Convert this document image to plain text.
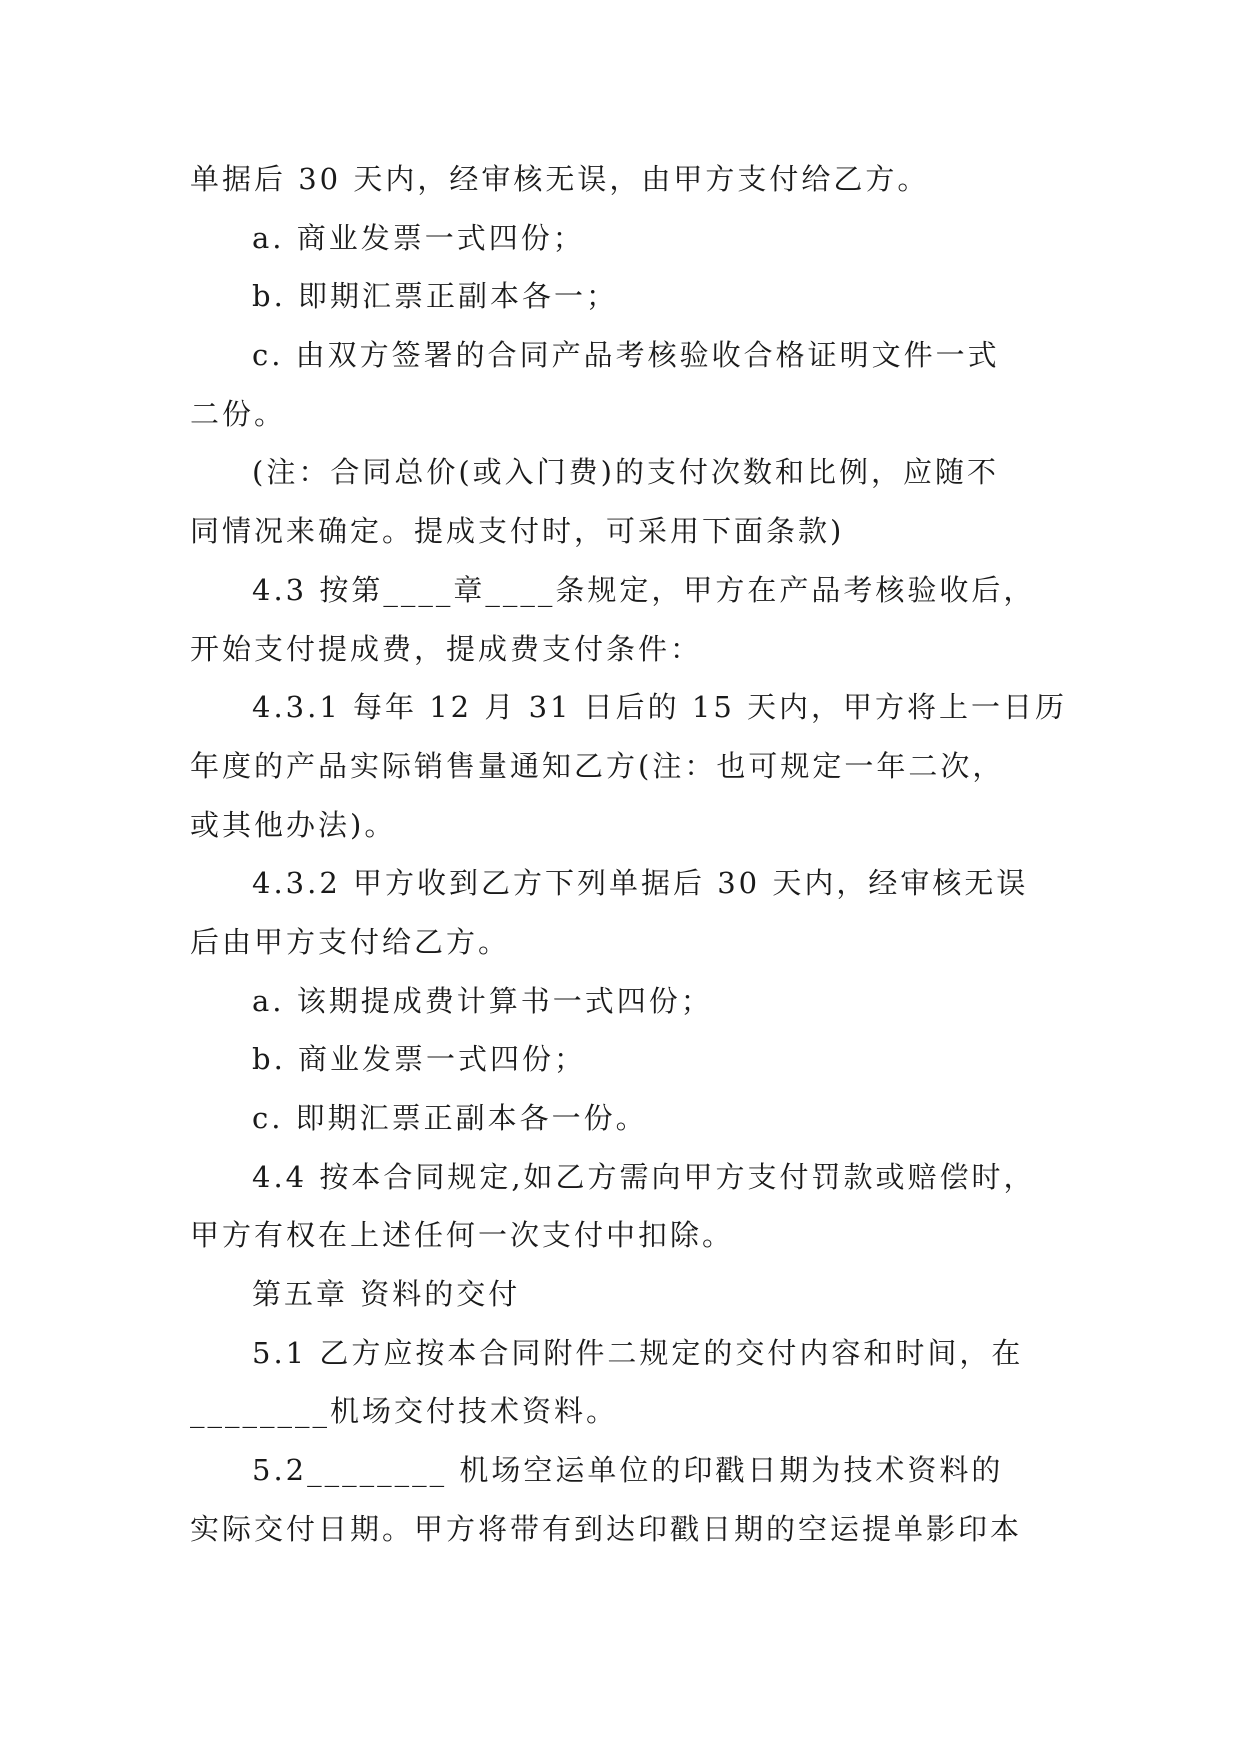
单据后 30 天内，经审核无误，由甲方支付给乙方。
a. 商业发票一式四份；
b. 即期汇票正副本各一；
c. 由双方签署的合同产品考核验收合格证明文件一式
二份。
(注：合同总价(或入门费)的支付次数和比例，应随不
同情况来确定。提成支付时，可采用下面条款)
4.3 按第____章____条规定，甲方在产品考核验收后，
开始支付提成费，提成费支付条件：
4.3.1 每年 12 月 31 日后的 15 天内，甲方将上一日历
年度的产品实际销售量通知乙方(注：也可规定一年二次，
或其他办法)。
4.3.2 甲方收到乙方下列单据后 30 天内，经审核无误
后由甲方支付给乙方。
a. 该期提成费计算书一式四份；
b. 商业发票一式四份；
c. 即期汇票正副本各一份。
4.4 按本合同规定,如乙方需向甲方支付罚款或赔偿时，
甲方有权在上述任何一次支付中扣除。
第五章 资料的交付
5.1 乙方应按本合同附件二规定的交付内容和时间，在
________机场交付技术资料。
5.2________ 机场空运单位的印戳日期为技术资料的
实际交付日期。甲方将带有到达印戳日期的空运提单影印本
